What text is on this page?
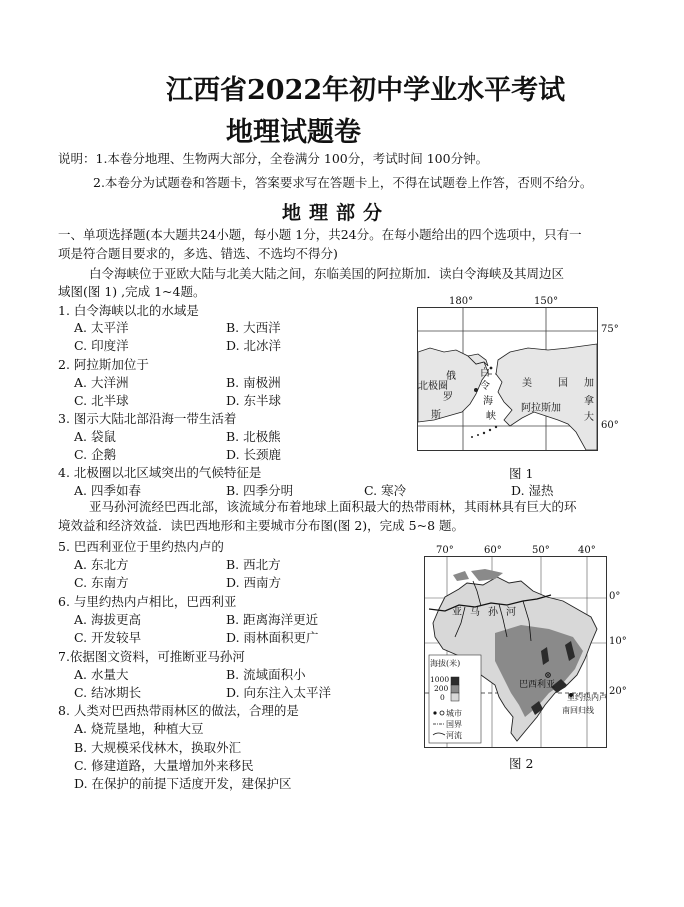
江西省2022年初中学业水平考试
地理试题卷
说明：1.本卷分地理、生物两大部分，全卷满分 100分，考试时间 100分钟。
2.本卷分为试题卷和答题卡，答案要求写在答题卡上，不得在试题卷上作答，否则不给分。
地理部分
一、单项选择题(本大题共24小题，每小题 1分，共24分。在每小题给出的四个选项中，只有一
项是符合题目要求的，多选、错选、不选均不得分)
白令海峡位于亚欧大陆与北美大陆之间，东临美国的阿拉斯加．读白令海峡及其周边区
域图(图 1) ,完成 1~4题。
1. 白令海峡以北的水域是
A. 太平洋	B. 大西洋
C. 印度洋	D. 北冰洋
2. 阿拉斯加位于
A. 大洋洲	B. 南极洲
C. 北半球	D. 东半球
3. 图示大陆北部沿海一带生活着
A. 袋鼠	B. 北极熊
C. 企鹅	D. 长颈鹿
4. 北极圈以北区域突出的气候特征是
A. 四季如春	B. 四季分明	C. 寒冷	D. 湿热
180°	150°
75°
60°
俄
罗
斯
北极圈
白
令
海
峡
美	国
阿拉斯加
加
拿
大
图 1
亚马孙河流经巴西北部，该流域分布着地球上面积最大的热带雨林，其雨林具有巨大的环
境效益和经济效益．读巴西地形和主要城市分布图(图 2)，完成 5~8 题。
5. 巴西利亚位于里约热内卢的
A. 东北方	B. 西北方
C. 东南方	D. 西南方
6. 与里约热内卢相比，巴西利亚
A. 海拔更高	B. 距离海洋更近
C. 开发较早	D. 雨林面积更广
7.依据图文资料，可推断亚马孙河
A. 水量大	B. 流域面积小
C. 结冰期长	D. 向东注入太平洋
8. 人类对巴西热带雨林区的做法，合理的是
A. 烧荒垦地，种植大豆
B. 大规模采伐林木，换取外汇
C. 修建道路，大量增加外来移民
D. 在保护的前提下适度开发，建保护区
70°	60°	50°	40°
0°
10°
20°
亚 马 孙 河
巴西利亚
里约热内卢
南回归线
海拔(米)
1000
200
0
城市
国界
河流
图 2
